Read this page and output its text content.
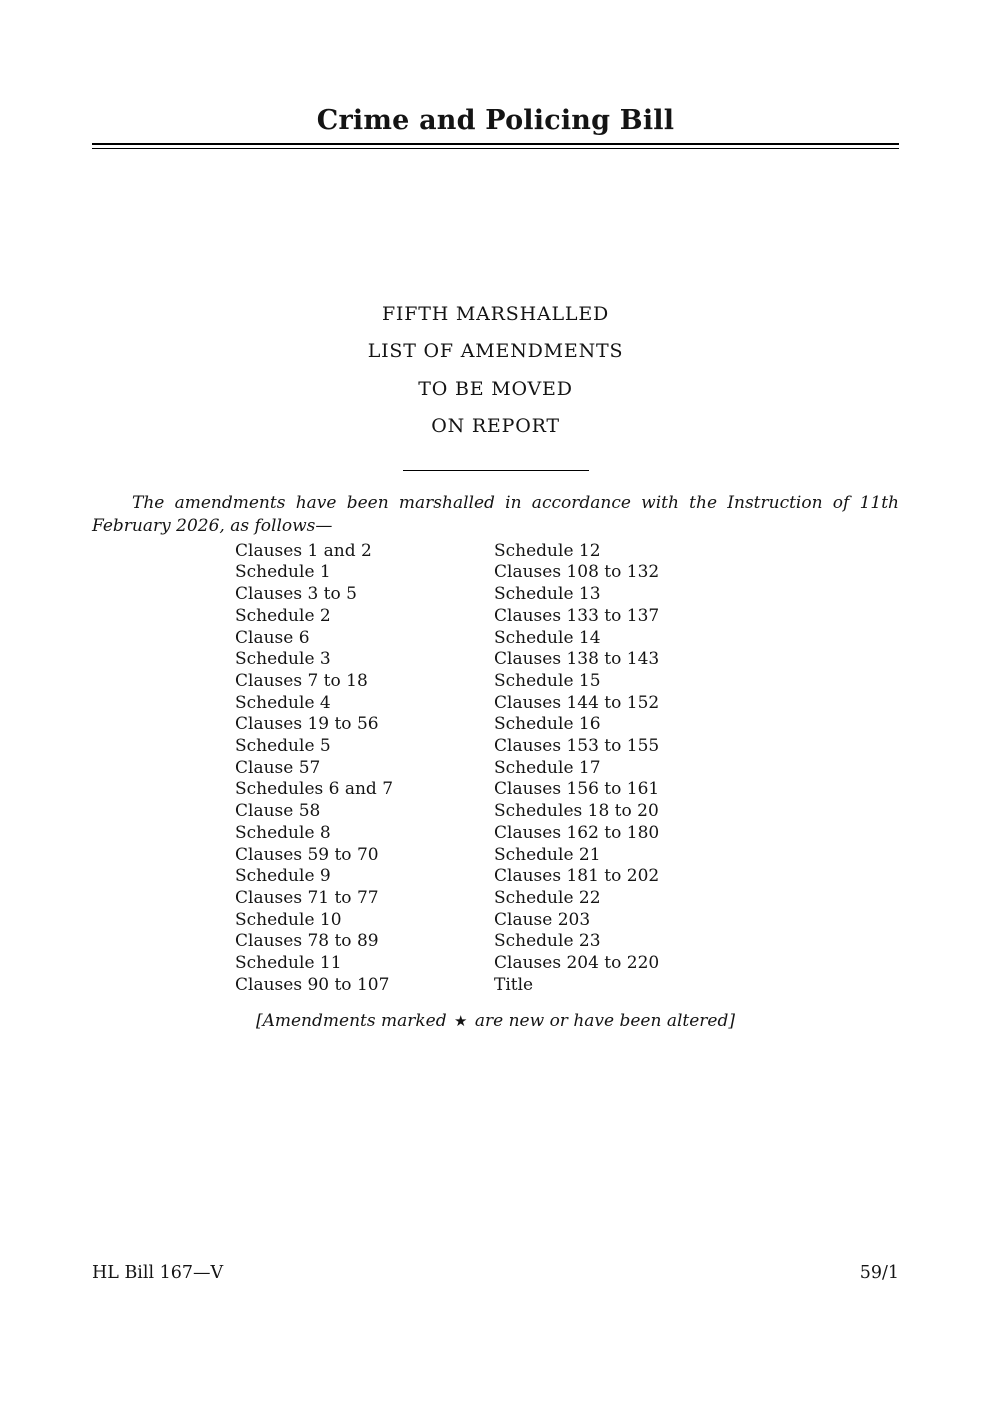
Crime and Policing Bill
FIFTH MARSHALLED
LIST OF AMENDMENTS
TO BE MOVED
ON REPORT

The amendments have been marshalled in accordance with the Instruction of 11th February 2026, as follows—

Clauses 1 and 2
Schedule 1
Clauses 3 to 5
Schedule 2
Clause 6
Schedule 3
Clauses 7 to 18
Schedule 4
Clauses 19 to 56
Schedule 5
Clause 57
Schedules 6 and 7
Clause 58
Schedule 8
Clauses 59 to 70
Schedule 9
Clauses 71 to 77
Schedule 10
Clauses 78 to 89
Schedule 11
Clauses 90 to 107
Schedule 12
Clauses 108 to 132
Schedule 13
Clauses 133 to 137
Schedule 14
Clauses 138 to 143
Schedule 15
Clauses 144 to 152
Schedule 16
Clauses 153 to 155
Schedule 17
Clauses 156 to 161
Schedules 18 to 20
Clauses 162 to 180
Schedule 21
Clauses 181 to 202
Schedule 22
Clause 203
Schedule 23
Clauses 204 to 220
Title

[Amendments marked ★ are new or have been altered]

HL Bill 167—V	59/1
